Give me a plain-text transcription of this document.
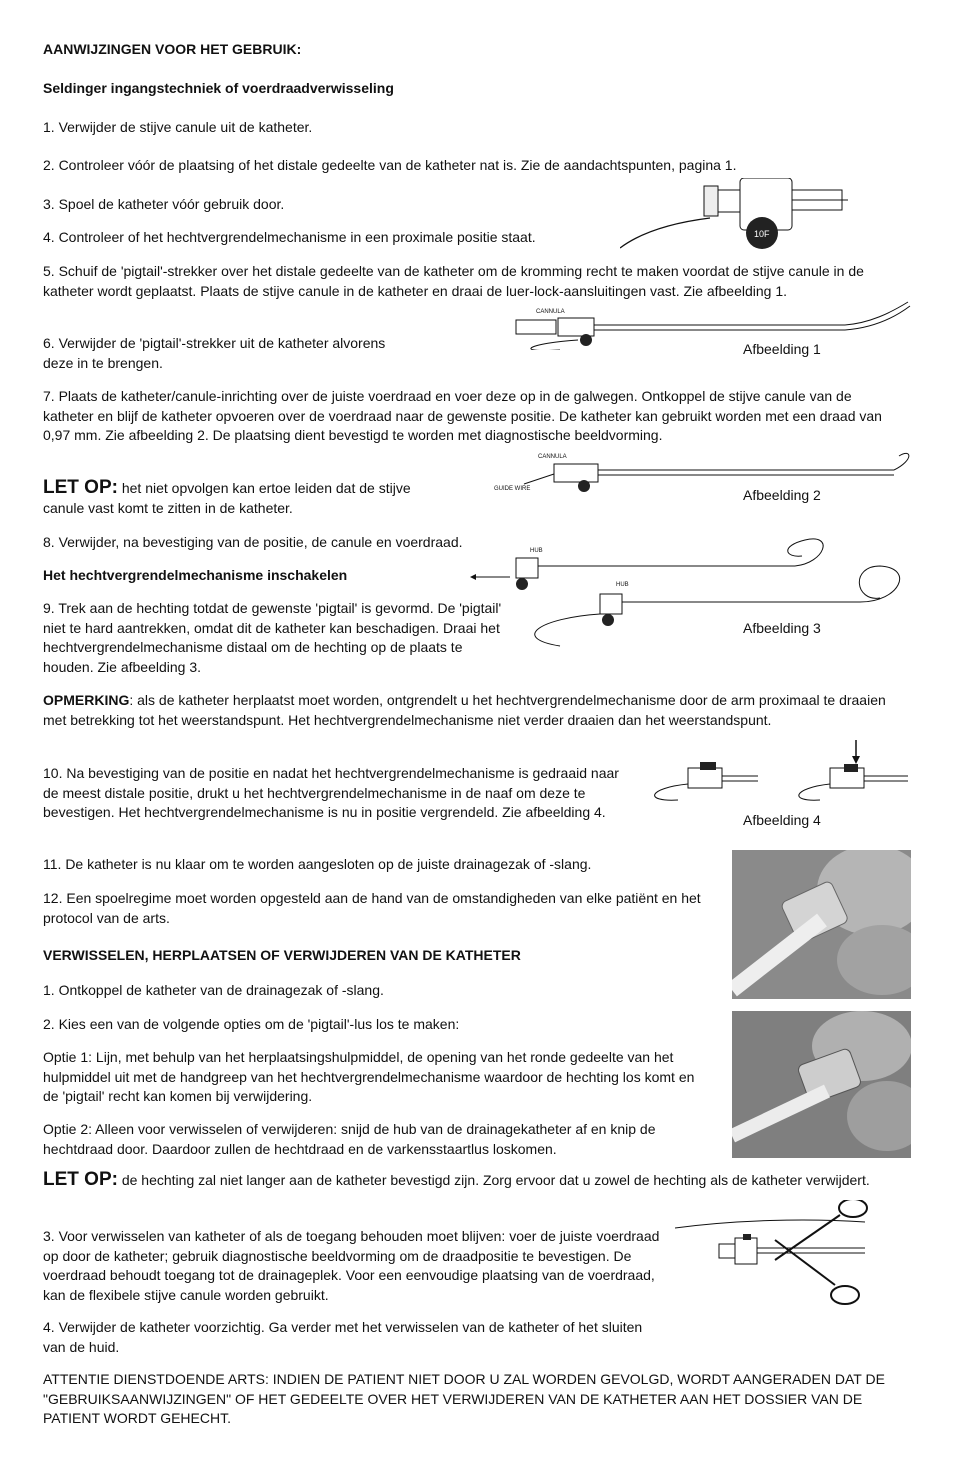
AANWIJZINGEN VOOR HET GEBRUIK:

Seldinger ingangstechniek of voerdraadverwisseling

1. Verwijder de stijve canule uit de katheter.

2. Controleer vóór de plaatsing of het distale gedeelte van de katheter nat is. Zie de aandachtspunten, pagina 1.

3. Spoel de katheter vóór gebruik door.

4. Controleer of het hechtvergrendelmechanisme in een proximale positie staat.

5. Schuif de 'pigtail'-strekker over het distale gedeelte van de katheter om de kromming recht te maken voordat de stijve canule in de katheter wordt geplaatst. Plaats de stijve canule in de katheter en draai de luer-lock-aansluitingen vast. Zie afbeelding 1.

6. Verwijder de 'pigtail'-strekker uit de katheter alvorens deze in te brengen.

7. Plaats de katheter/canule-inrichting over de juiste voerdraad en voer deze op in de galwegen. Ontkoppel de stijve canule van de katheter en blijf de katheter opvoeren over de voerdraad naar de gewenste positie. De katheter kan gebruikt worden met een draad van 0,97 mm. Zie afbeelding 2. De plaatsing dient bevestigd te worden met diagnostische beeldvorming.

LET OP: het niet opvolgen kan ertoe leiden dat de stijve canule vast komt te zitten in de katheter.

8. Verwijder, na bevestiging van de positie, de canule en voerdraad.

Het hechtvergrendelmechanisme inschakelen

9. Trek aan de hechting totdat de gewenste 'pigtail' is gevormd. De 'pigtail' niet te hard aantrekken, omdat dit de katheter kan beschadigen. Draai het hechtvergrendelmechanisme distaal om de hechting op de plaats te houden. Zie afbeelding 3.

OPMERKING: als de katheter herplaatst moet worden, ontgrendelt u het hechtvergrendelmechanisme door de arm proximaal te draaien met betrekking tot het weerstandspunt. Het hechtvergrendelmechanisme niet verder draaien dan het weerstandspunt.

10. Na bevestiging van de positie en nadat het hechtvergrendelmechanisme is gedraaid naar de meest distale positie, drukt u het hechtvergrendelmechanisme in de naaf om deze te bevestigen. Het hechtvergrendelmechanisme is nu in positie vergrendeld. Zie afbeelding 4.

11. De katheter is nu klaar om te worden aangesloten op de juiste drainagezak of -slang.

12. Een spoelregime moet worden opgesteld aan de hand van de omstandigheden van elke patiënt en het protocol van de arts.

VERWISSELEN, HERPLAATSEN OF VERWIJDEREN VAN DE KATHETER

1. Ontkoppel de katheter van de drainagezak of -slang.

2. Kies een van de volgende opties om de 'pigtail'-lus los te maken:

Optie 1: Lijn, met behulp van het herplaatsingshulpmiddel, de opening van het ronde gedeelte van het hulpmiddel uit met de handgreep van het hechtvergrendelmechanisme waardoor de hechting los komt en de 'pigtail' recht kan komen bij verwijdering.

Optie 2: Alleen voor verwisselen of verwijderen: snijd de hub van de drainagekatheter af en knip de hechtdraad door. Daardoor zullen de hechtdraad en de varkensstaartlus loskomen.

LET OP: de hechting zal niet langer aan de katheter bevestigd zijn. Zorg ervoor dat u zowel de hechting als de katheter verwijdert.

3. Voor verwisselen van katheter of als de toegang behouden moet blijven: voer de juiste voerdraad op door de katheter; gebruik diagnostische beeldvorming om de draadpositie te bevestigen. De voerdraad behoudt toegang tot de drainageplek. Voor een eenvoudige plaatsing van de voerdraad, kan de flexibele stijve canule worden gebruikt.

4. Verwijder de katheter voorzichtig. Ga verder met het verwisselen van de katheter of het sluiten van de huid.

ATTENTIE DIENSTDOENDE ARTS: INDIEN DE PATIENT NIET DOOR U ZAL WORDEN GEVOLGD, WORDT AANGERADEN DAT DE "GEBRUIKSAANWIJZINGEN" OF HET GEDEELTE OVER HET VERWIJDEREN VAN DE KATHETER AAN HET DOSSIER VAN DE PATIENT WORDT GEHECHT.

10F
CANNULA
Afbeelding 1
CANNULA
GUIDE WIRE	Afbeelding 2
HUB
HUB
Afbeelding 3
Afbeelding 4
